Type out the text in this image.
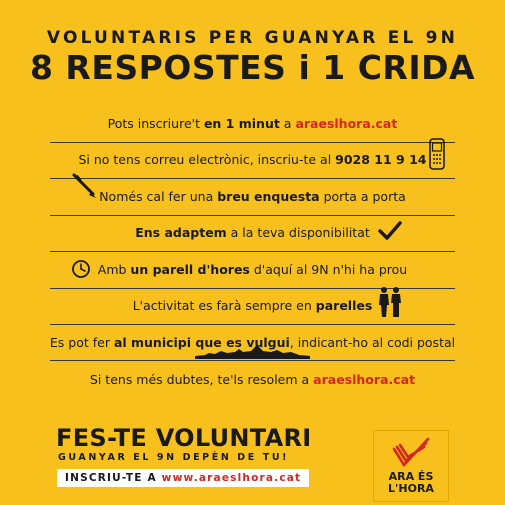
VOLUNTARIS PER GUANYAR EL 9N
8 RESPOSTES i 1 CRIDA
Pots inscriure't en 1 minut a araeslhora.cat
Si no tens correu electrònic, inscriu-te al 9028 11 9 14
Només cal fer una breu enquesta porta a porta
Ens adaptem a la teva disponibilitat
Amb un parell d'hores d'aquí al 9N n'hi ha prou
L'activitat es farà sempre en parelles
Es pot fer al municipi que es vulgui, indicant-ho al codi postal
Si tens més dubtes, te'ls resolem a araeslhora.cat
FES-TE VOLUNTARI
GUANYAR EL 9N DEPÈN DE TU!
INSCRIU-TE A www.araeslhora.cat	ARA ÉS
L'HORA
